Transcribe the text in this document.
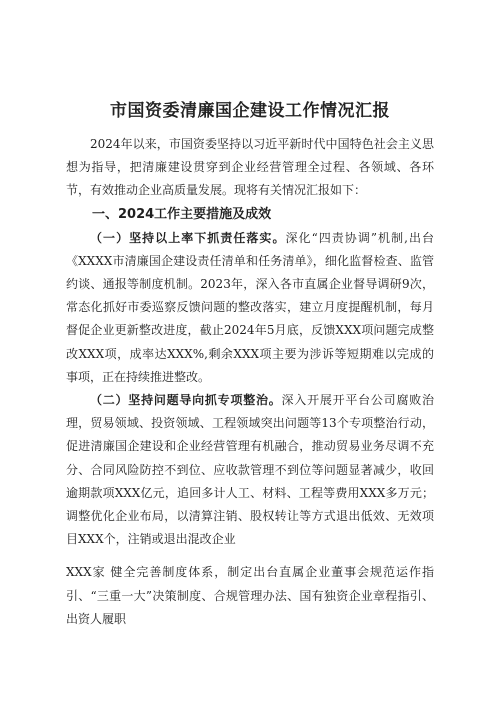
市国资委清廉国企建设工作情况汇报

2024年以来，市国资委坚持以习近平新时代中国特色社会主义思想为指导，把清廉建设贯穿到企业经营管理全过程、各领域、各环节，有效推动企业高质量发展。现将有关情况汇报如下：

一、2024工作主要措施及成效

（一）坚持以上率下抓责任落实。深化“四责协调”机制,出台《XXXX市清廉国企建设责任清单和任务清单》，细化监督检查、监管约谈、通报等制度机制。2023年，深入各市直属企业督导调研9次，常态化抓好市委巡察反馈问题的整改落实，建立月度提醒机制，每月督促企业更新整改进度，截止2024年5月底，反馈XXX项问题完成整改XXX项，成率达XXX%,剩余XXX项主要为涉诉等短期难以完成的事项，正在持续推进整改。

（二）坚持问题导向抓专项整治。深入开展开平台公司腐败治理，贸易领域、投资领域、工程领域突出问题等13个专项整治行动，促进清廉国企建设和企业经营管理有机融合，推动贸易业务尽调不充分、合同风险防控不到位、应收款管理不到位等问题显著减少，收回逾期款项XXX亿元，追回多计人工、材料、工程等费用XXX多万元；调整优化企业布局，以清算注销、股权转让等方式退出低效、无效项目XXX个，注销或退出混改企业

XXX家 健全完善制度体系，制定出台直属企业董事会规范运作指引、“三重一大”决策制度、合规管理办法、国有独资企业章程指引、出资人履职
